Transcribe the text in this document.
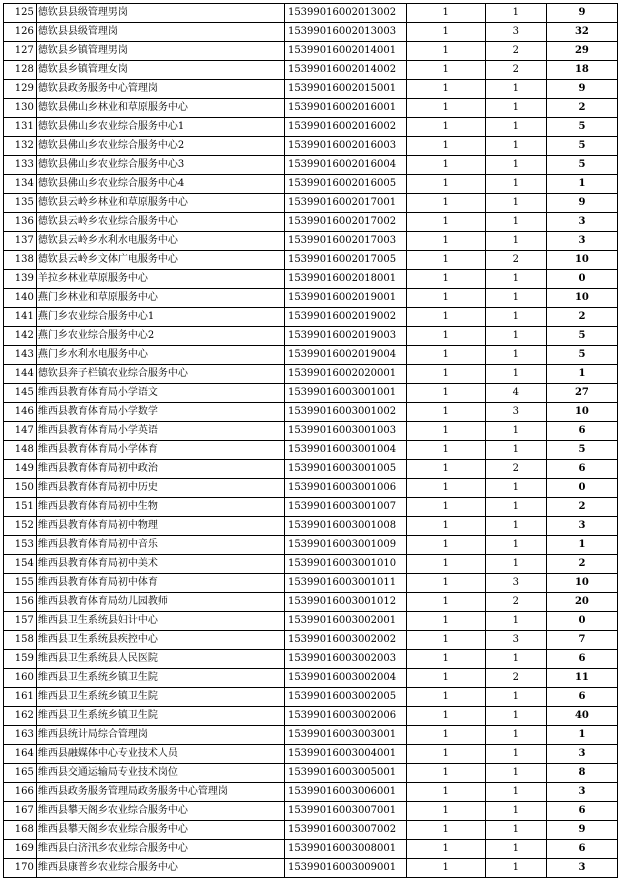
125	德钦县县级管理男岗	15399016002013002	1	1	9
126	德钦县县级管理岗	15399016002013003	1	3	32
127	德钦县乡镇管理男岗	15399016002014001	1	2	29
128	德钦县乡镇管理女岗	15399016002014002	1	2	18
129	德钦县政务服务中心管理岗	15399016002015001	1	1	9
130	德钦县佛山乡林业和草原服务中心	15399016002016001	1	1	2
131	德钦县佛山乡农业综合服务中心1	15399016002016002	1	1	5
132	德钦县佛山乡农业综合服务中心2	15399016002016003	1	1	5
133	德钦县佛山乡农业综合服务中心3	15399016002016004	1	1	5
134	德钦县佛山乡农业综合服务中心4	15399016002016005	1	1	1
135	德钦县云岭乡林业和草原服务中心	15399016002017001	1	1	9
136	德钦县云岭乡农业综合服务中心	15399016002017002	1	1	3
137	德钦县云岭乡水利水电服务中心	15399016002017003	1	1	3
138	德钦县云岭乡文体广电服务中心	15399016002017005	1	2	10
139	羊拉乡林业草原服务中心	15399016002018001	1	1	0
140	燕门乡林业和草原服务中心	15399016002019001	1	1	10
141	燕门乡农业综合服务中心1	15399016002019002	1	1	2
142	燕门乡农业综合服务中心2	15399016002019003	1	1	5
143	燕门乡水利水电服务中心	15399016002019004	1	1	5
144	德钦县奔子栏镇农业综合服务中心	15399016002020001	1	1	1
145	维西县教育体育局小学语文	15399016003001001	1	4	27
146	维西县教育体育局小学数学	15399016003001002	1	3	10
147	维西县教育体育局小学英语	15399016003001003	1	1	6
148	维西县教育体育局小学体育	15399016003001004	1	1	5
149	维西县教育体育局初中政治	15399016003001005	1	2	6
150	维西县教育体育局初中历史	15399016003001006	1	1	0
151	维西县教育体育局初中生物	15399016003001007	1	1	2
152	维西县教育体育局初中物理	15399016003001008	1	1	3
153	维西县教育体育局初中音乐	15399016003001009	1	1	1
154	维西县教育体育局初中美术	15399016003001010	1	1	2
155	维西县教育体育局初中体育	15399016003001011	1	3	10
156	维西县教育体育局幼儿园教师	15399016003001012	1	2	20
157	维西县卫生系统县妇计中心	15399016003002001	1	1	0
158	维西县卫生系统县疾控中心	15399016003002002	1	3	7
159	维西县卫生系统县人民医院	15399016003002003	1	1	6
160	维西县卫生系统乡镇卫生院	15399016003002004	1	2	11
161	维西县卫生系统乡镇卫生院	15399016003002005	1	1	6
162	维西县卫生系统乡镇卫生院	15399016003002006	1	1	40
163	维西县统计局综合管理岗	15399016003003001	1	1	1
164	维西县融媒体中心专业技术人员	15399016003004001	1	1	3
165	维西县交通运输局专业技术岗位	15399016003005001	1	1	8
166	维西县政务服务管理局政务服务中心管理岗	15399016003006001	1	1	3
167	维西县攀天阁乡农业综合服务中心	15399016003007001	1	1	6
168	维西县攀天阁乡农业综合服务中心	15399016003007002	1	1	9
169	维西县白济汛乡农业综合服务中心	15399016003008001	1	1	6
170	维西县康普乡农业综合服务中心	15399016003009001	1	1	3
